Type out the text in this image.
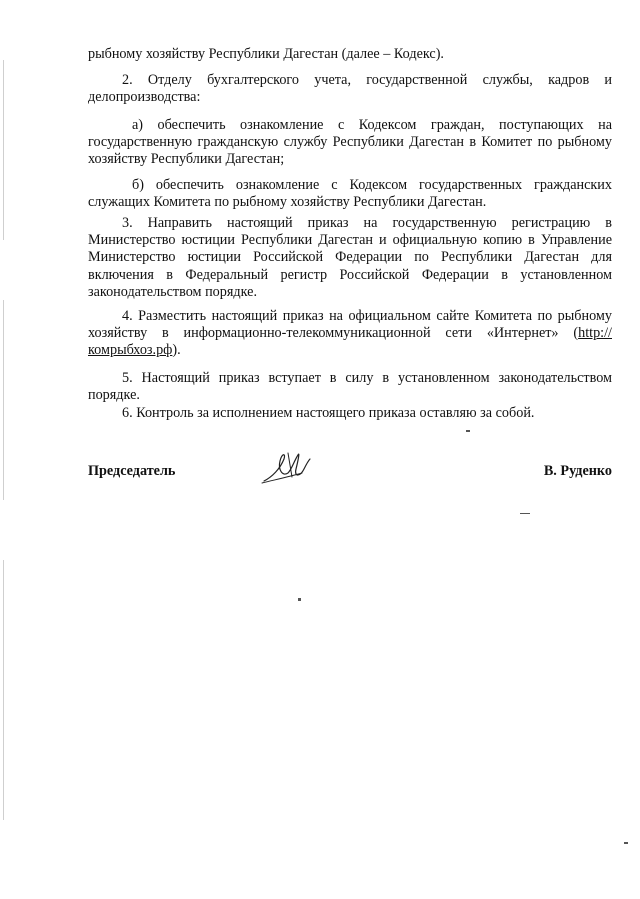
рыбному хозяйству Республики Дагестан (далее – Кодекс).

2. Отделу бухгалтерского учета, государственной службы, кадров и делопроизводства:

а) обеспечить ознакомление с Кодексом граждан, поступающих на государственную гражданскую службу Республики Дагестан в Комитет по рыбному хозяйству Республики Дагестан;

б) обеспечить ознакомление с Кодексом государственных гражданских служащих Комитета по рыбному хозяйству Республики Дагестан.

3. Направить настоящий приказ на государственную регистрацию в Министерство юстиции Республики Дагестан и официальную копию в Управление Министерство юстиции Российской Федерации по Республики Дагестан для включения в Федеральный регистр Российской Федерации в установленном законодательством порядке.

4. Разместить настоящий приказ на официальном сайте Комитета по рыбному хозяйству в информационно-телекоммуникационной сети «Интернет» (http://комрыбхоз.рф).

5. Настоящий приказ вступает в силу в установленном законодательством порядке.

6. Контроль за исполнением настоящего приказа оставляю за собой.

Председатель	В. Руденко
